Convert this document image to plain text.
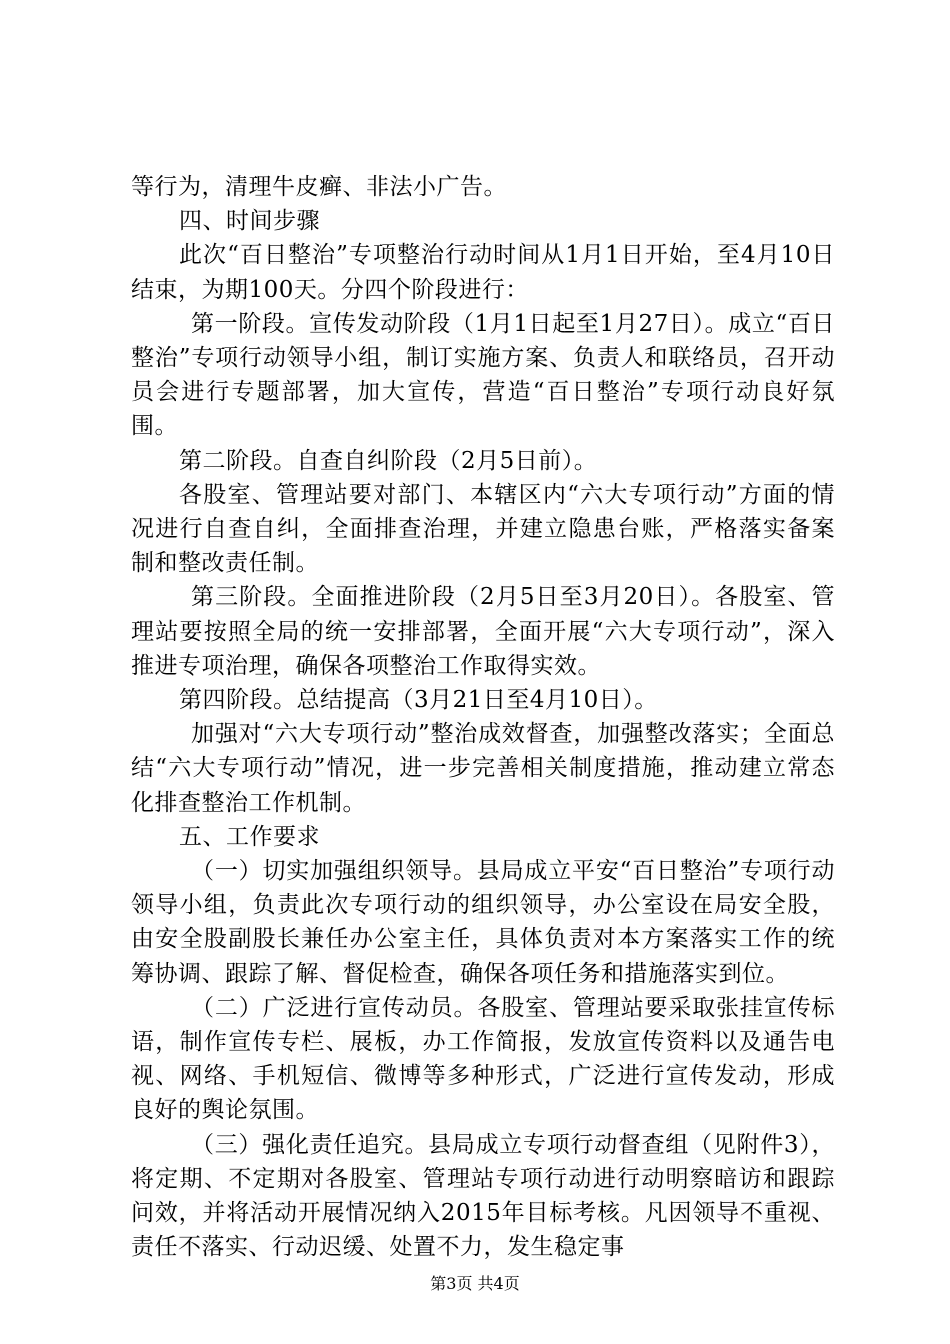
等行为，清理牛皮癣、非法小广告。

四、时间步骤

此次“百日整治”专项整治行动时间从1月1日开始，至4月10日结束，为期100天。分四个阶段进行：

第一阶段。宣传发动阶段（1月1日起至1月27日）。成立“百日整治”专项行动领导小组，制订实施方案、负责人和联络员，召开动员会进行专题部署，加大宣传，营造“百日整治”专项行动良好氛围。

第二阶段。自查自纠阶段（2月5日前）。

各股室、管理站要对部门、本辖区内“六大专项行动”方面的情况进行自查自纠，全面排查治理，并建立隐患台账，严格落实备案制和整改责任制。

第三阶段。全面推进阶段（2月5日至3月20日）。各股室、管理站要按照全局的统一安排部署，全面开展“六大专项行动”，深入推进专项治理，确保各项整治工作取得实效。

第四阶段。总结提高（3月21日至4月10日）。

加强对“六大专项行动”整治成效督查，加强整改落实；全面总结“六大专项行动”情况，进一步完善相关制度措施，推动建立常态化排查整治工作机制。

五、工作要求

（一）切实加强组织领导。县局成立平安“百日整治”专项行动领导小组，负责此次专项行动的组织领导，办公室设在局安全股，由安全股副股长兼任办公室主任，具体负责对本方案落实工作的统筹协调、跟踪了解、督促检查，确保各项任务和措施落实到位。

（二）广泛进行宣传动员。各股室、管理站要采取张挂宣传标语，制作宣传专栏、展板，办工作简报，发放宣传资料以及通告电视、网络、手机短信、微博等多种形式，广泛进行宣传发动，形成良好的舆论氛围。

（三）强化责任追究。县局成立专项行动督查组（见附件3），将定期、不定期对各股室、管理站专项行动进行动明察暗访和跟踪问效，并将活动开展情况纳入2015年目标考核。凡因领导不重视、责任不落实、行动迟缓、处置不力，发生稳定事

第3页 共4页
